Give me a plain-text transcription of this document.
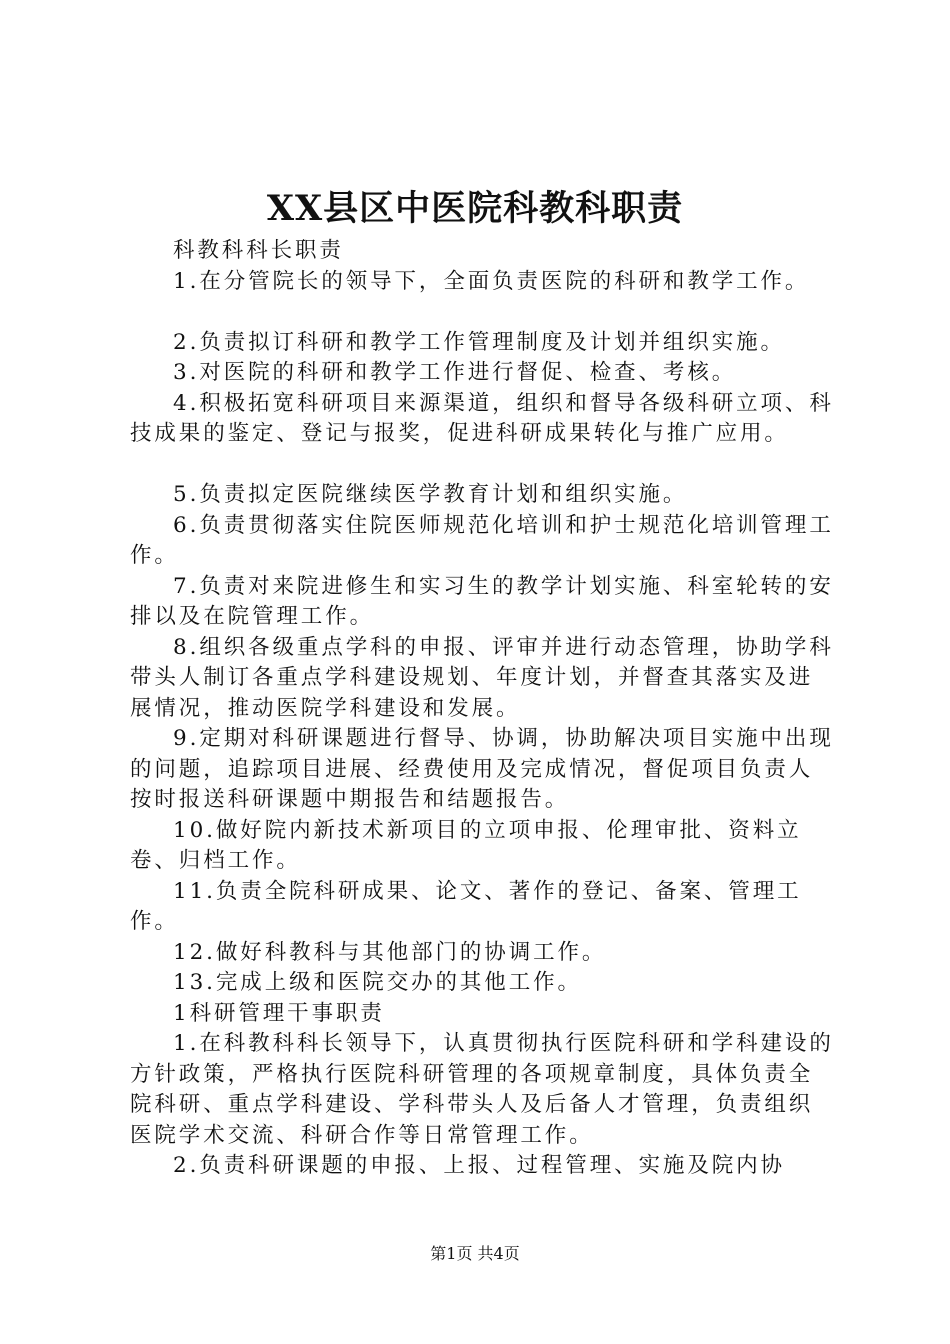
XX县区中医院科教科职责

科教科科长职责

1.在分管院长的领导下，全面负责医院的科研和教学工作。

2.负责拟订科研和教学工作管理制度及计划并组织实施。

3.对医院的科研和教学工作进行督促、检查、考核。

4.积极拓宽科研项目来源渠道，组织和督导各级科研立项、科技成果的鉴定、登记与报奖，促进科研成果转化与推广应用。

5.负责拟定医院继续医学教育计划和组织实施。

6.负责贯彻落实住院医师规范化培训和护士规范化培训管理工作。

7.负责对来院进修生和实习生的教学计划实施、科室轮转的安排以及在院管理工作。

8.组织各级重点学科的申报、评审并进行动态管理，协助学科带头人制订各重点学科建设规划、年度计划，并督查其落实及进展情况，推动医院学科建设和发展。

9.定期对科研课题进行督导、协调，协助解决项目实施中出现的问题，追踪项目进展、经费使用及完成情况，督促项目负责人按时报送科研课题中期报告和结题报告。

10.做好院内新技术新项目的立项申报、伦理审批、资料立卷、归档工作。

11.负责全院科研成果、论文、著作的登记、备案、管理工作。

12.做好科教科与其他部门的协调工作。

13.完成上级和医院交办的其他工作。

1科研管理干事职责

1.在科教科科长领导下，认真贯彻执行医院科研和学科建设的方针政策，严格执行医院科研管理的各项规章制度，具体负责全院科研、重点学科建设、学科带头人及后备人才管理，负责组织医院学术交流、科研合作等日常管理工作。

2.负责科研课题的申报、上报、过程管理、实施及院内协

第1页 共4页
